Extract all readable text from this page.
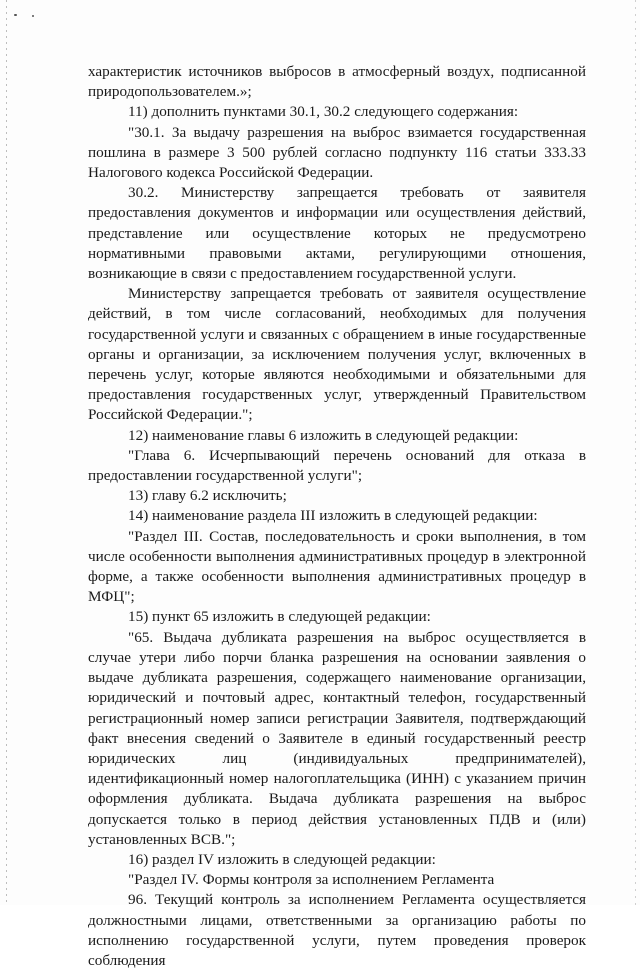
характеристик источников выбросов в атмосферный воздух, подписанной природопользователем.»;

11) дополнить пунктами 30.1, 30.2 следующего содержания:

"30.1. За выдачу разрешения на выброс взимается государственная пошлина в размере 3 500 рублей согласно подпункту 116 статьи 333.33 Налогового кодекса Российской Федерации.

30.2. Министерству запрещается требовать от заявителя предоставления документов и информации или осуществления действий, представление или осуществление которых не предусмотрено нормативными правовыми актами, регулирующими отношения, возникающие в связи с предоставлением государственной услуги.

Министерству запрещается требовать от заявителя осуществление действий, в том числе согласований, необходимых для получения государственной услуги и связанных с обращением в иные государственные органы и организации, за исключением получения услуг, включенных в перечень услуг, которые являются необходимыми и обязательными для предоставления государственных услуг, утвержденный Правительством Российской Федерации.";

12) наименование главы 6 изложить в следующей редакции:

"Глава 6. Исчерпывающий перечень оснований для отказа в предоставлении государственной услуги";

13) главу 6.2 исключить;

14) наименование раздела III изложить в следующей редакции:

"Раздел III. Состав, последовательность и сроки выполнения, в том числе особенности выполнения административных процедур в электронной форме, а также особенности выполнения административных процедур в МФЦ";

15) пункт 65 изложить в следующей редакции:

"65. Выдача дубликата разрешения на выброс осуществляется в случае утери либо порчи бланка разрешения на основании заявления о выдаче дубликата разрешения, содержащего наименование организации, юридический и почтовый адрес, контактный телефон, государственный регистрационный номер записи регистрации Заявителя, подтверждающий факт внесения сведений о Заявителе в единый государственный реестр юридических лиц (индивидуальных предпринимателей), идентификационный номер налогоплательщика (ИНН) с указанием причин оформления дубликата. Выдача дубликата разрешения на выброс допускается только в период действия установленных ПДВ и (или) установленных ВСВ.";

16) раздел IV изложить в следующей редакции:

"Раздел IV. Формы контроля за исполнением Регламента

96. Текущий контроль за исполнением Регламента осуществляется должностными лицами, ответственными за организацию работы по исполнению государственной услуги, путем проведения проверок соблюдения
